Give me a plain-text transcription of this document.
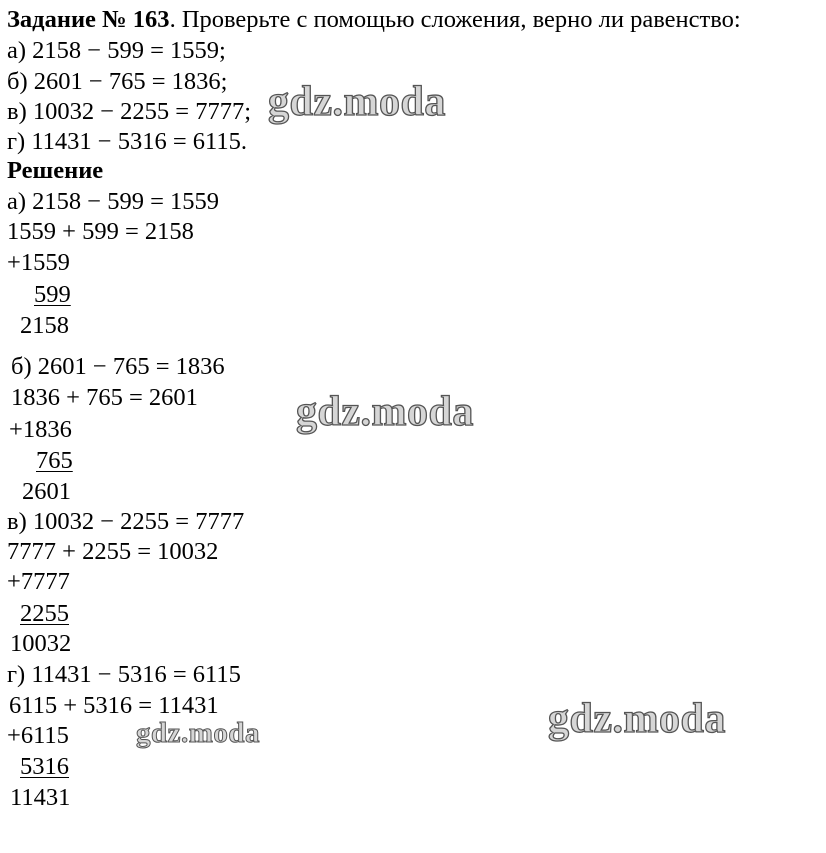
Задание № 163. Проверьте с помощью сложения, верно ли равенство:
а) 2158 − 599 = 1559;
б) 2601 − 765 = 1836;
в) 10032 − 2255 = 7777;
г) 11431 − 5316 = 6115.
Решение
а) 2158 − 599 = 1559
1559 + 599 = 2158
+1559
599
2158
б) 2601 − 765 = 1836
1836 + 765 = 2601
+1836
765
2601
в) 10032 − 2255 = 7777
7777 + 2255 = 10032
+7777
2255
10032
г) 11431 − 5316 = 6115
6115 + 5316 = 11431
+6115
5316
11431
gdz.moda
gdz.moda
gdz.moda
gdz.moda
